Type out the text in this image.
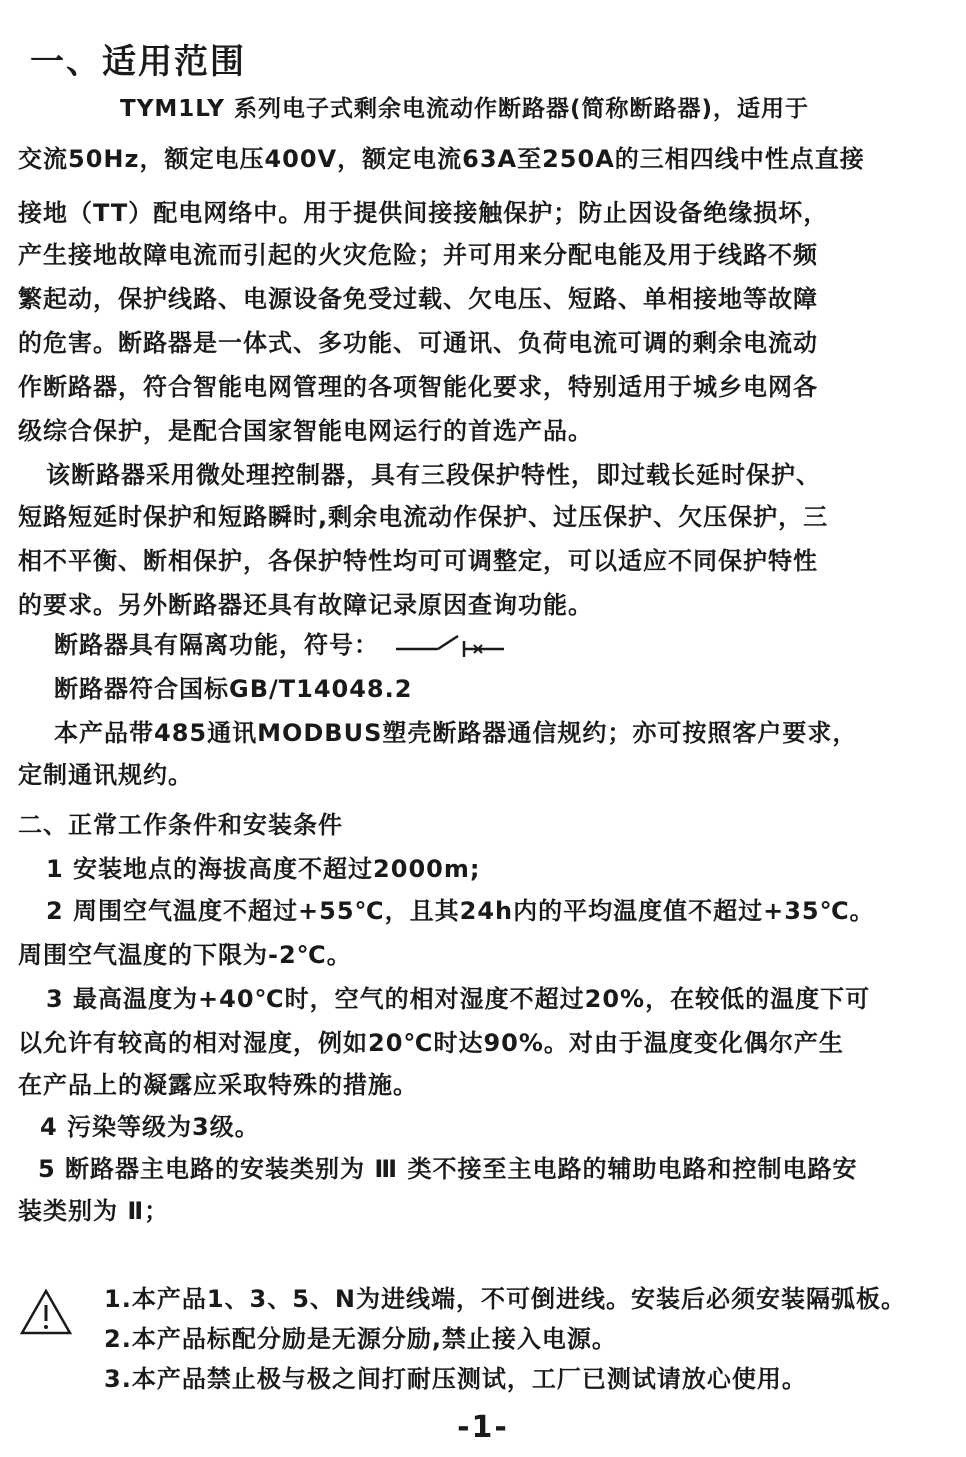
一、适用范围
TYM1LY 系列电子式剩余电流动作断路器(简称断路器)，适用于
交流50Hz，额定电压400V，额定电流63A至250A的三相四线中性点直接
接地（TT）配电网络中。用于提供间接接触保护；防止因设备绝缘损坏，
产生接地故障电流而引起的火灾危险；并可用来分配电能及用于线路不频
繁起动，保护线路、电源设备免受过载、欠电压、短路、单相接地等故障
的危害。断路器是一体式、多功能、可通讯、负荷电流可调的剩余电流动
作断路器，符合智能电网管理的各项智能化要求，特别适用于城乡电网各
级综合保护，是配合国家智能电网运行的首选产品。
该断路器采用微处理控制器，具有三段保护特性，即过载长延时保护、
短路短延时保护和短路瞬时,剩余电流动作保护、过压保护、欠压保护，三
相不平衡、断相保护，各保护特性均可可调整定，可以适应不同保护特性
的要求。另外断路器还具有故障记录原因查询功能。
断路器具有隔离功能，符号：
断路器符合国标GB/T14048.2
本产品带485通讯MODBUS塑壳断路器通信规约；亦可按照客户要求，
定制通讯规约。
二、正常工作条件和安装条件
1 安装地点的海拔高度不超过2000m;
2 周围空气温度不超过+55℃，且其24h内的平均温度值不超过+35℃。
周围空气温度的下限为-2℃。
3 最高温度为+40℃时，空气的相对湿度不超过20%，在较低的温度下可
以允许有较高的相对湿度，例如20℃时达90%。对由于温度变化偶尔产生
在产品上的凝露应采取特殊的措施。
4 污染等级为3级。
5 断路器主电路的安装类别为 Ⅲ 类不接至主电路的辅助电路和控制电路安
装类别为 Ⅱ；
1.本产品1、3、5、N为进线端，不可倒进线。安装后必须安装隔弧板。
2.本产品标配分励是无源分励,禁止接入电源。
3.本产品禁止极与极之间打耐压测试，工厂已测试请放心使用。
-1-
